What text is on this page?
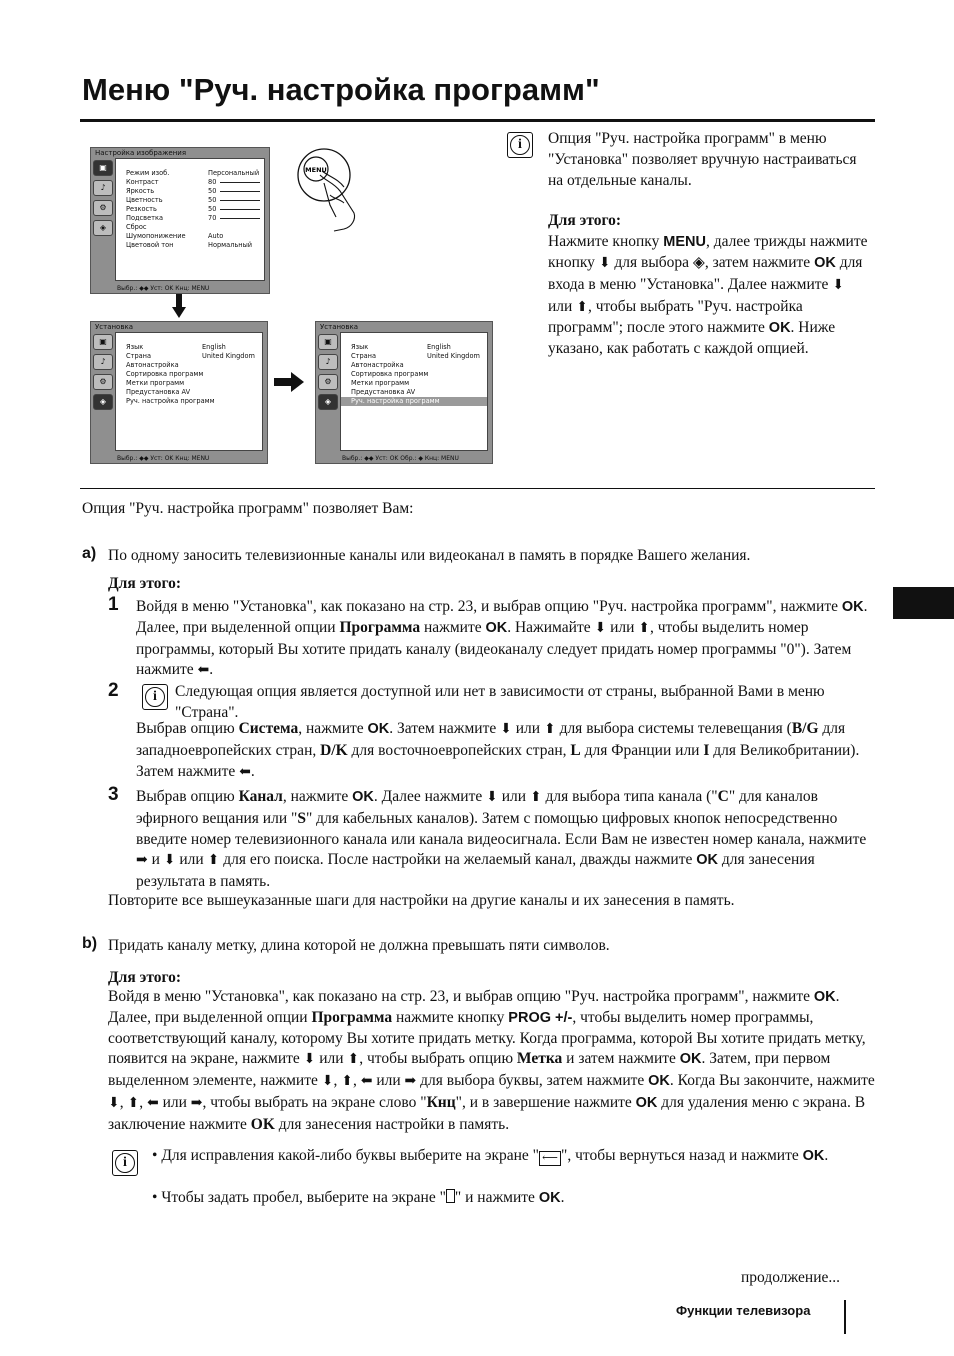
Меню "Руч. настройка программ"
Настройка изображения
▣
♪
⚙
◈
Режим изоб.	Персональный
Контраст	80
Яркость	50
Цветность	50
Резкость	50
Подсветка	70
Сброс
Шумопонижение	Auto
Цветовой тон	Нормальный
Выбр.: ◆◆ Уст: OK Кнц: MENU
MENU
Установка
▣
♪
⚙
◈
Язык	English
Страна	United Kingdom
Автонастройка
Сортировка программ
Метки программ
Предустановка AV
Руч. настройка программ
Выбр.: ◆◆ Уст: OK Кнц: MENU
Установка
▣
♪
⚙
◈
Язык	English
Страна	United Kingdom
Автонастройка
Сортировка программ
Метки программ
Предустановка AV
Руч. настройка программ
Выбр.: ◆◆ Уст: OK Обр.: ◆ Кнц: MENU
i	Опция "Руч. настройка программ" в меню "Установка" позволяет вручную настраиваться на отдельные каналы.

Для этого:

Нажмите кнопку MENU, далее трижды нажмите кнопку ⬇ для выбора ◈, затем нажмите OK для входа в меню "Установка". Далее нажмите ⬇ или ⬆, чтобы выбрать "Руч. настройка программ"; после этого нажмите OK. Ниже указано, как работать с каждой опцией.

Опция "Руч. настройка программ" позволяет Вам:

a) По одному заносить телевизионные каналы или видеоканал в память в порядке Вашего желания.

Для этого:

1 Войдя в меню "Установка", как показано на стр. 23, и выбрав опцию "Руч. настройка программ", нажмите OK. Далее, при выделенной опции Программа нажмите OK. Нажимайте ⬇ или ⬆, чтобы выделить номер программы, который Вы хотите придать каналу (видеоканалу следует придать номер программы "0"). Затем нажмите ⬅.

2	i	Следующая опция является доступной или нет в зависимости от страны, выбранной Вами в меню "Страна".

Выбрав опцию Система, нажмите OK. Затем нажмите ⬇ или ⬆ для выбора системы телевещания (B/G для западноевропейских стран, D/K для восточноевропейских стран, L для Франции или I для Великобритании). Затем нажмите ⬅.

3 Выбрав опцию Канал, нажмите OK. Далее нажмите ⬇ или ⬆ для выбора типа канала ("C" для каналов эфирного вещания или "S" для кабельных каналов). Затем с помощью цифровых кнопок непосредственно введите номер телевизионного канала или канала видеосигнала. Если Вам не известен номер канала, нажмите ➡ и ⬇ или ⬆ для его поиска. После настройки на желаемый канал, дважды нажмите OK для занесения результата в память.

Повторите все вышеуказанные шаги для настройки на другие каналы и их занесения в память.

b) Придать каналу метку, длина которой не должна превышать пяти символов.

Для этого:

Войдя в меню "Установка", как показано на стр. 23, и выбрав опцию "Руч. настройка программ", нажмите OK. Далее, при выделенной опции Программа нажмите кнопку PROG +/-, чтобы выделить номер программы, соответствующий каналу, которому Вы хотите придать метку. Когда программа, которой Вы хотите придать метку, появится на экране, нажмите ⬇ или ⬆, чтобы выбрать опцию Метка и затем нажмите OK. Затем, при первом выделенном элементе, нажмите ⬇, ⬆, ⬅ или ➡ для выбора буквы, затем нажмите OK. Когда Вы закончите, нажмите ⬇, ⬆, ⬅ или ➡, чтобы выбрать на экране слово "Кнц", и в завершение нажмите OK для удаления меню с экрана. В заключение нажмите OK для занесения настройки в память.

i	• Для исправления какой-либо буквы выберите на экране " ⟵ ", чтобы вернуться назад и нажмите OK.

• Чтобы задать пробел, выберите на экране " " и нажмите OK.

продолжение...

Функции телевизора
